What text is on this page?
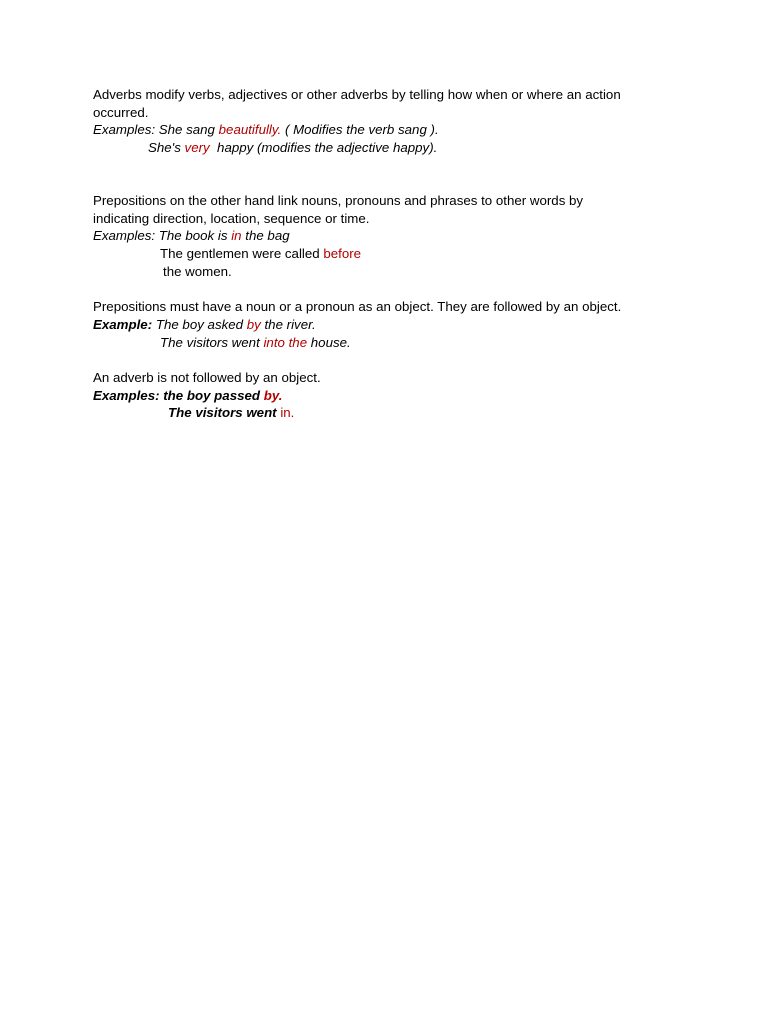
Adverbs modify verbs, adjectives or other adverbs by telling how when or where an action
occurred.
Examples: She sang beautifully. ( Modifies the verb sang ).
She's very  happy (modifies the adjective happy).
Prepositions on the other hand link nouns, pronouns and phrases to other words by
indicating direction, location, sequence or time.
Examples: The book is in the bag
The gentlemen were called before
the women.
Prepositions must have a noun or a pronoun as an object. They are followed by an object.
Example: The boy asked by the river.
The visitors went into the house.
An adverb is not followed by an object.
Examples: the boy passed by.
The visitors went in.
